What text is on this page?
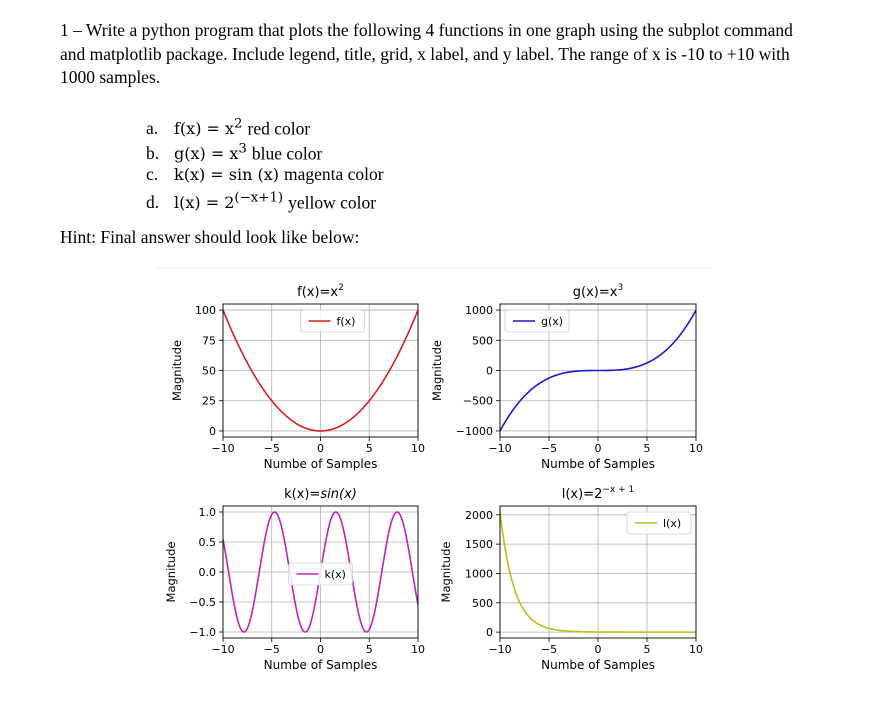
1 – Write a python program that plots the following 4 functions in one graph using the subplot command and matplotlib package. Include legend, title, grid, x label, and y label. The range of x is -10 to +10 with 1000 samples.

a. $f(x) = x^2$ red color
b. $g(x) = x^3$ blue color
c. k(x) = sin (x) magenta color
d. $l(x) = 2^{(-x+1)}$ yellow color

Hint: Final answer should look like below:

−10	−5	0	5	10
0
25
50
75
100
$f(x)=x^2$
Numbe of Samples
Magnitude
f(x)
−10	−5	0	5	10
−1000
−500
0
500
1000
$g(x)=x^3$
Numbe of Samples
Magnitude
g(x)
−10	−5	0	5	10
−1.0
−0.5
0.0
0.5
1.0
k(x)=sin(x)
Numbe of Samples
Magnitude	k(x)
−10	−5	0	5	10
0
500
1000
1500
2000
$l(x)=2^{-x + 1}$
Numbe of Samples
Magnitude
l(x)
